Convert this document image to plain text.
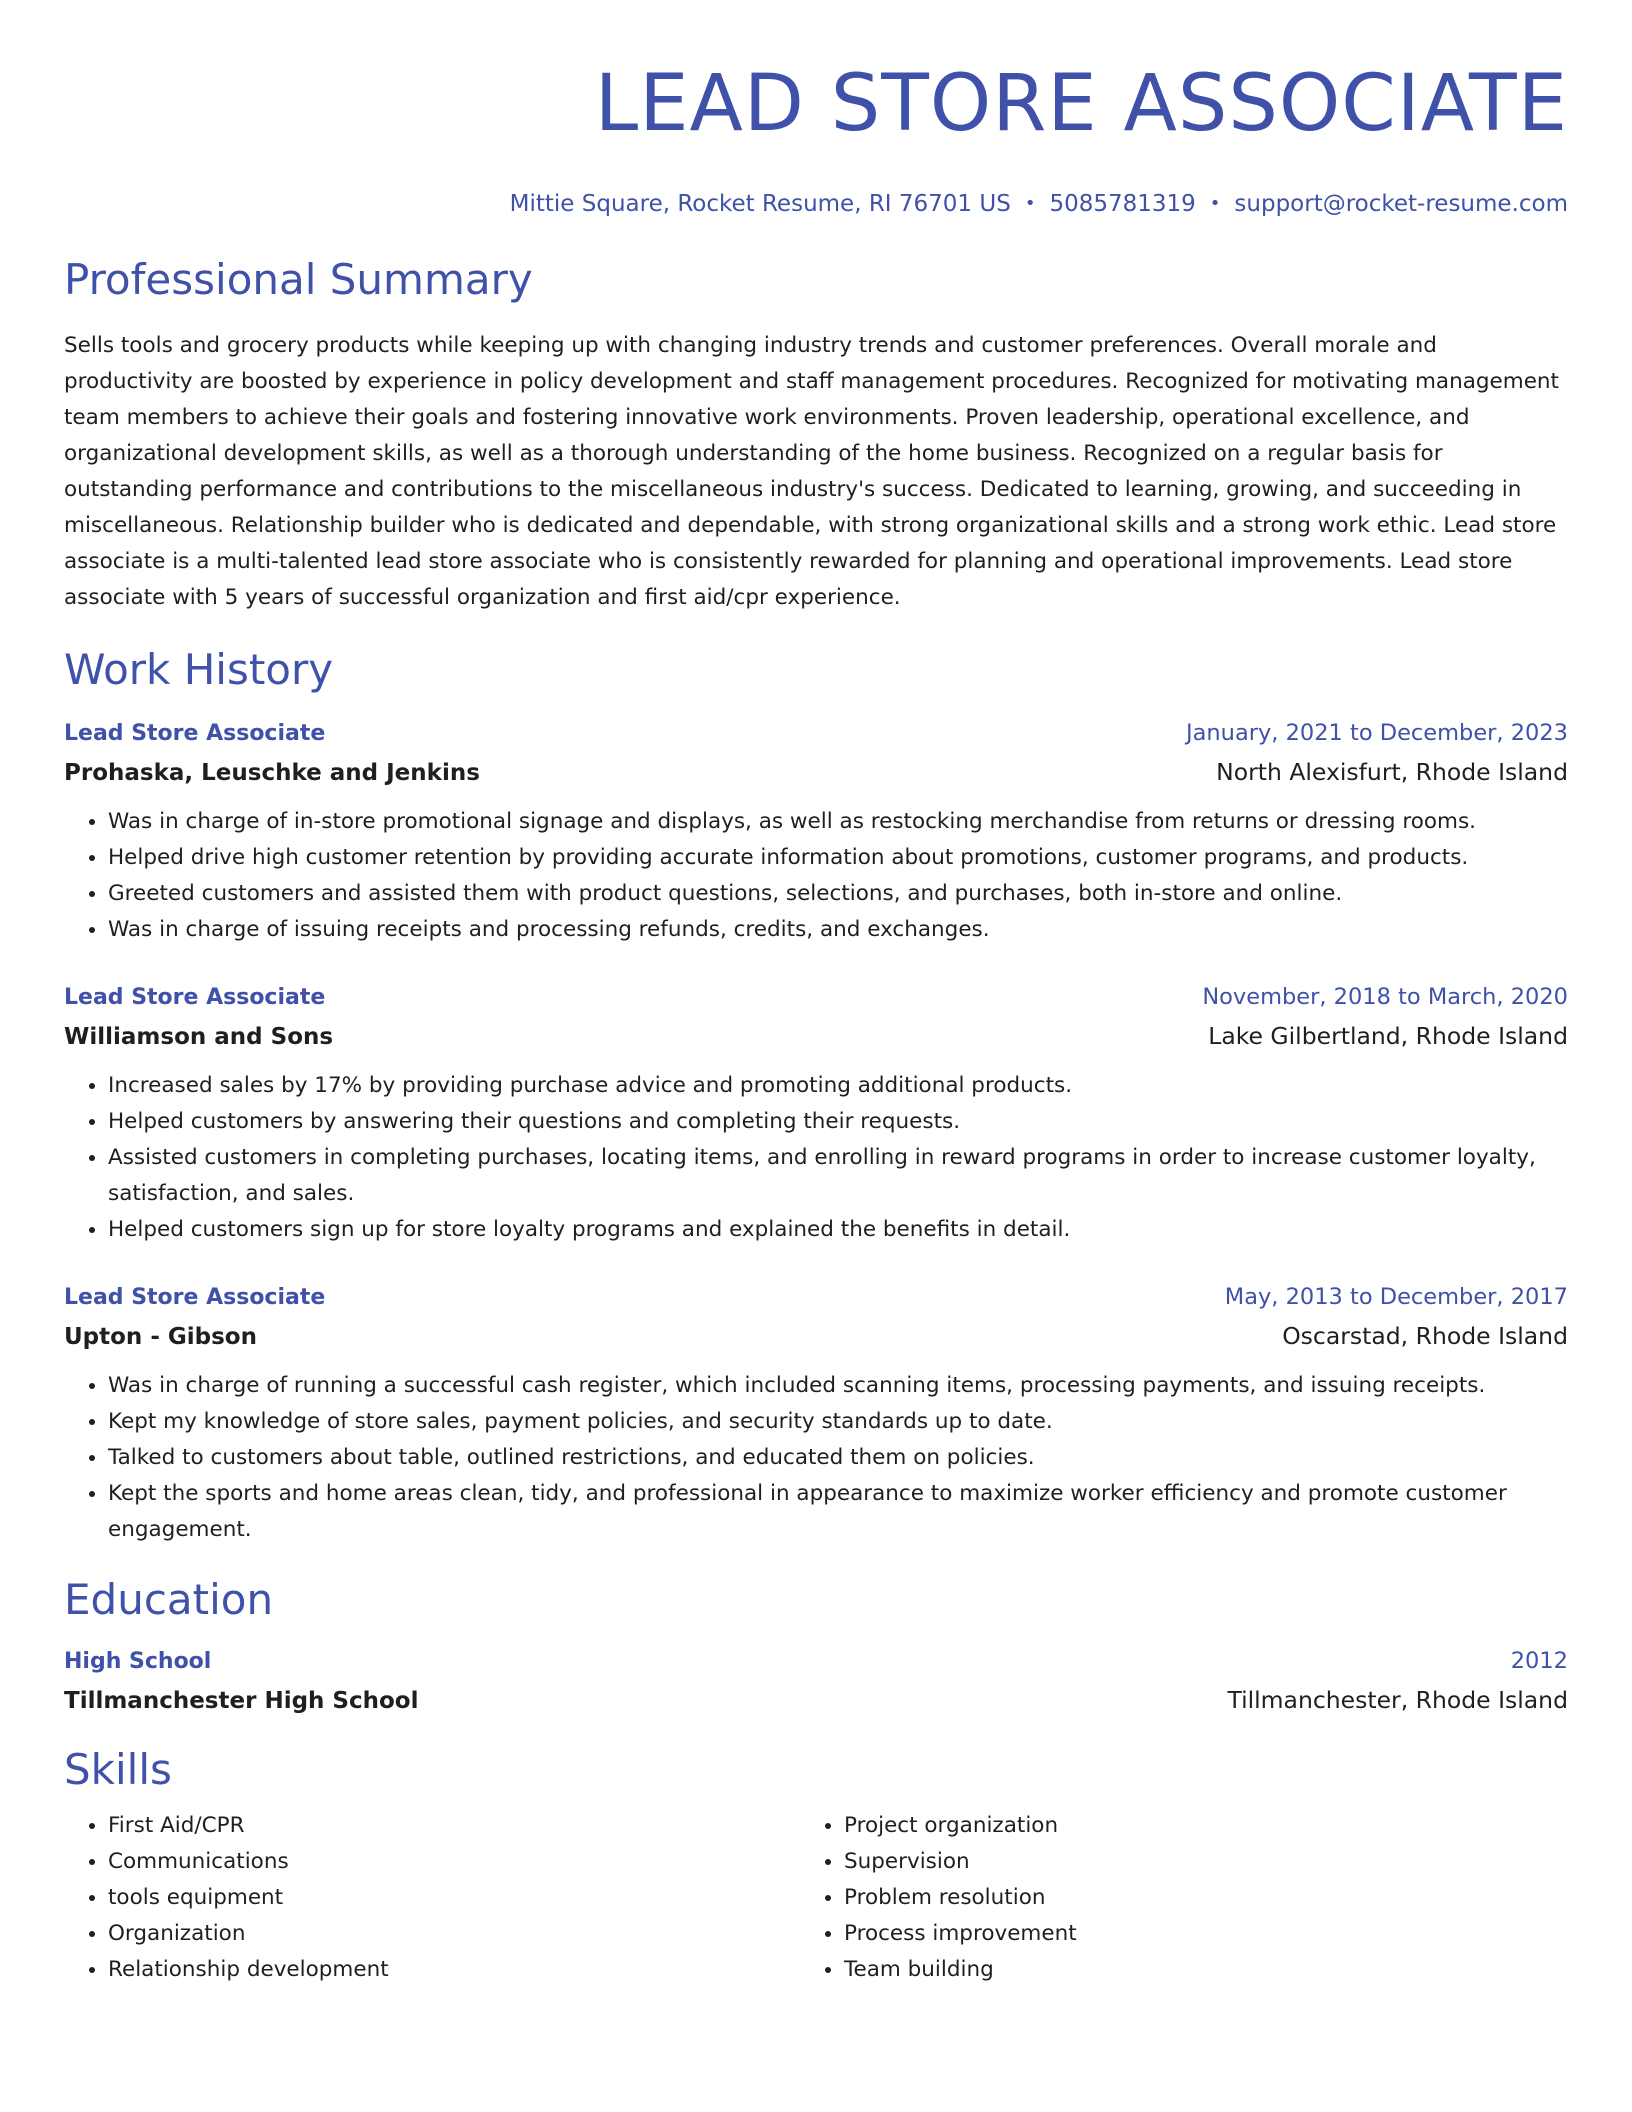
LEAD STORE ASSOCIATE
Mittie Square, Rocket Resume, RI 76701 US • 5085781319 • support@rocket-resume.com
Professional Summary

Sells tools and grocery products while keeping up with changing industry trends and customer preferences. Overall morale and productivity are boosted by experience in policy development and staff management procedures. Recognized for motivating management team members to achieve their goals and fostering innovative work environments. Proven leadership, operational excellence, and organizational development skills, as well as a thorough understanding of the home business. Recognized on a regular basis for outstanding performance and contributions to the miscellaneous industry's success. Dedicated to learning, growing, and succeeding in miscellaneous. Relationship builder who is dedicated and dependable, with strong organizational skills and a strong work ethic. Lead store associate is a multi-talented lead store associate who is consistently rewarded for planning and operational improvements. Lead store associate with 5 years of successful organization and first aid/cpr experience.

Work History
Lead Store Associate	January, 2021 to December, 2023
Prohaska, Leuschke and Jenkins	North Alexisfurt, Rhode Island
• Was in charge of in-store promotional signage and displays, as well as restocking merchandise from returns or dressing rooms.
• Helped drive high customer retention by providing accurate information about promotions, customer programs, and products.
• Greeted customers and assisted them with product questions, selections, and purchases, both in-store and online.
• Was in charge of issuing receipts and processing refunds, credits, and exchanges.
Lead Store Associate	November, 2018 to March, 2020
Williamson and Sons	Lake Gilbertland, Rhode Island
• Increased sales by 17% by providing purchase advice and promoting additional products.
• Helped customers by answering their questions and completing their requests.
• Assisted customers in completing purchases, locating items, and enrolling in reward programs in order to increase customer loyalty, satisfaction, and sales.
• Helped customers sign up for store loyalty programs and explained the benefits in detail.
Lead Store Associate	May, 2013 to December, 2017
Upton - Gibson	Oscarstad, Rhode Island
• Was in charge of running a successful cash register, which included scanning items, processing payments, and issuing receipts.
• Kept my knowledge of store sales, payment policies, and security standards up to date.
• Talked to customers about table, outlined restrictions, and educated them on policies.
• Kept the sports and home areas clean, tidy, and professional in appearance to maximize worker efficiency and promote customer engagement.
Education
High School	2012
Tillmanchester High School	Tillmanchester, Rhode Island
Skills
• First Aid/CPR
• Communications
• tools equipment
• Organization
• Relationship development
• Project organization
• Supervision
• Problem resolution
• Process improvement
• Team building
